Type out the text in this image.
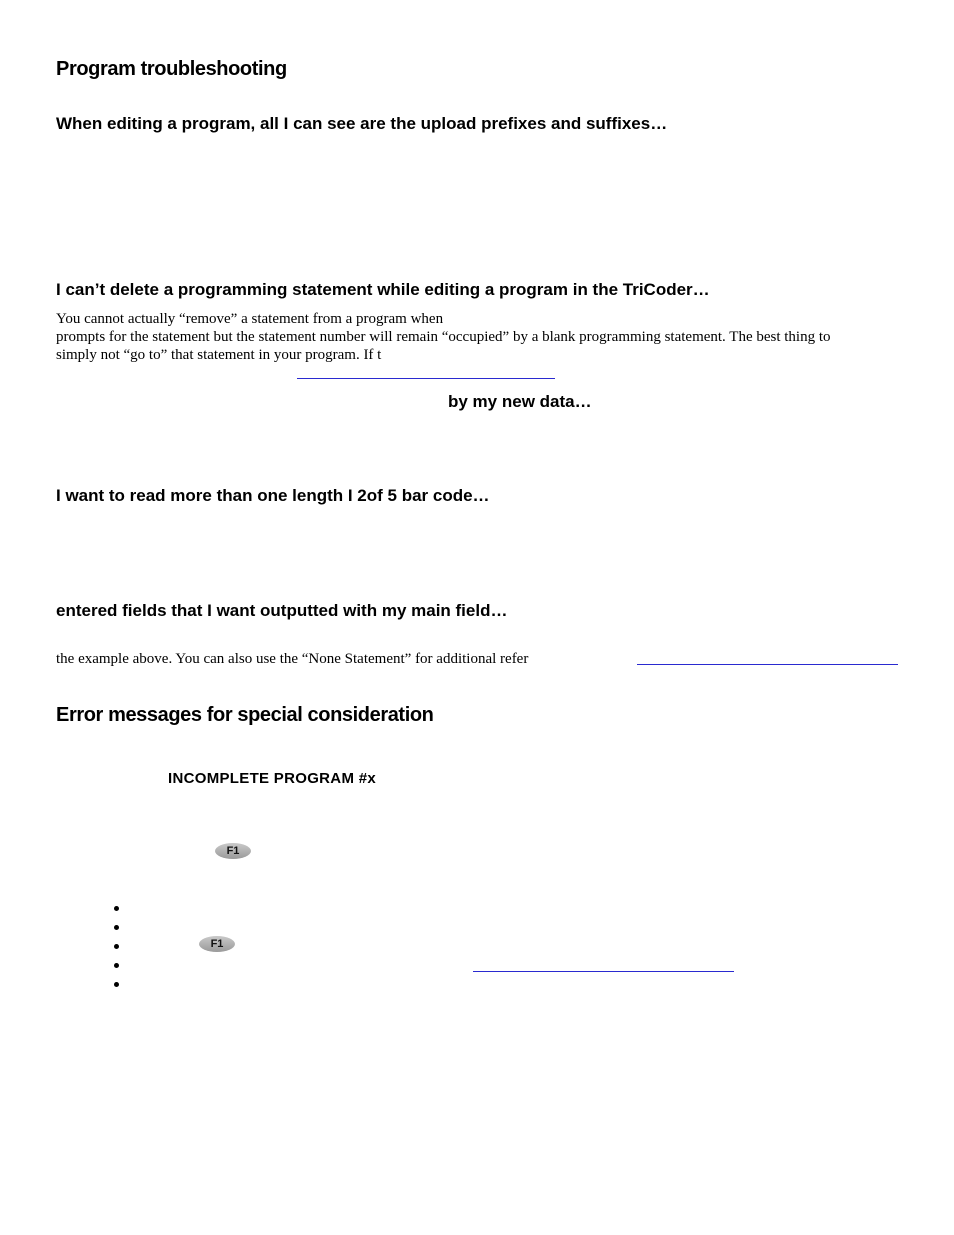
Program troubleshooting
When editing a program, all I can see are the upload prefixes and suffixes…
I can’t delete a programming statement while editing a program in the TriCoder…
You cannot actually “remove” a statement from a program when
prompts for the statement but the statement number will remain “occupied” by a blank programming statement. The best thing to
simply not “go to” that statement in your program. If t
by my new data…
I want to read more than one length I 2of 5 bar code…
entered fields that I want outputted with my main field…
the example above. You can also use the “None Statement” for additional refer
Error messages for special consideration
INCOMPLETE PROGRAM #x
F1
F1
